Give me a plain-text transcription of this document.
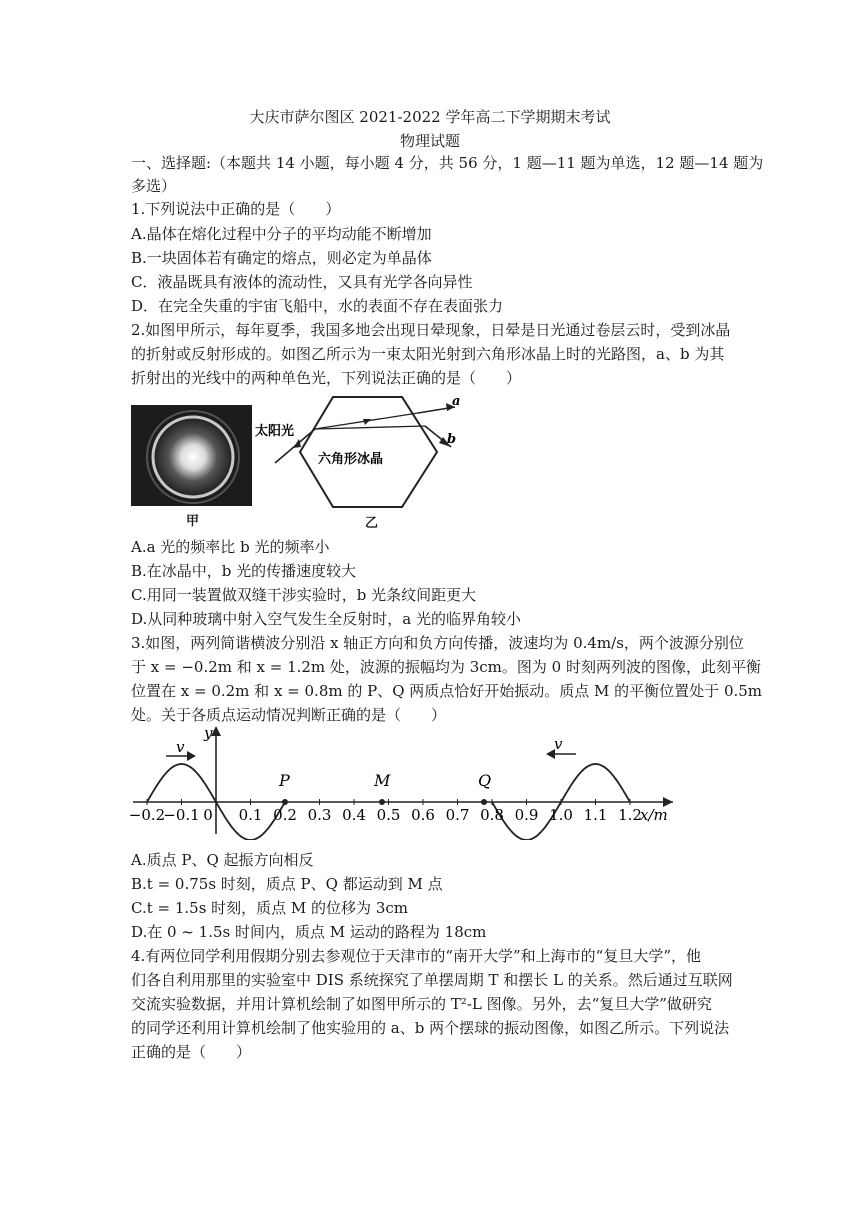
大庆市萨尔图区 2021-2022 学年高二下学期期末考试
物理试题
一、选择题:（本题共 14 小题，每小题 4 分，共 56 分，1 题—11 题为单选，12 题—14 题为
多选）
1.下列说法中正确的是（　　）
A.晶体在熔化过程中分子的平均动能不断增加
B.一块固体若有确定的熔点，则必定为单晶体
C．液晶既具有液体的流动性，又具有光学各向异性
D．在完全失重的宇宙飞船中，水的表面不存在表面张力
2.如图甲所示，每年夏季，我国多地会出现日晕现象，日晕是日光通过卷层云时，受到冰晶
的折射或反射形成的。如图乙所示为一束太阳光射到六角形冰晶上时的光路图，a、b 为其
折射出的光线中的两种单色光，下列说法正确的是（　　）
甲
太阳光
六角形冰晶
a
b
乙
A.a 光的频率比 b 光的频率小
B.在冰晶中，b 光的传播速度较大
C.用同一装置做双缝干涉实验时，b 光条纹间距更大
D.从同种玻璃中射入空气发生全反射时，a 光的临界角较小
3.如图，两列简谐横波分别沿 x 轴正方向和负方向传播，波速均为 0.4m/s，两个波源分别位
于 x = −0.2m 和 x = 1.2m 处，波源的振幅均为 3cm。图为 0 时刻两列波的图像，此刻平衡
位置在 x = 0.2m 和 x = 0.8m 的 P、Q 两质点恰好开始振动。质点 M 的平衡位置处于 0.5m
处。关于各质点运动情况判断正确的是（　　）
y
x/m
v	v
P	M	Q
−0.2
−0.1	0.1 0.2 0.3 0.4 0.5 0.6 0.7 0.8 0.9 1.0 1.1 1.2
0
A.质点 P、Q 起振方向相反
B.t = 0.75s 时刻，质点 P、Q 都运动到 M 点
C.t = 1.5s 时刻，质点 M 的位移为 3cm
D.在 0 ~ 1.5s 时间内，质点 M 运动的路程为 18cm
4.有两位同学利用假期分别去参观位于天津市的“南开大学”和上海市的“复旦大学”，他
们各自利用那里的实验室中 DIS 系统探究了单摆周期 T 和摆长 L 的关系。然后通过互联网
交流实验数据，并用计算机绘制了如图甲所示的 T²-L 图像。另外，去“复旦大学”做研究
的同学还利用计算机绘制了他实验用的 a、b 两个摆球的振动图像，如图乙所示。下列说法
正确的是（　　）
